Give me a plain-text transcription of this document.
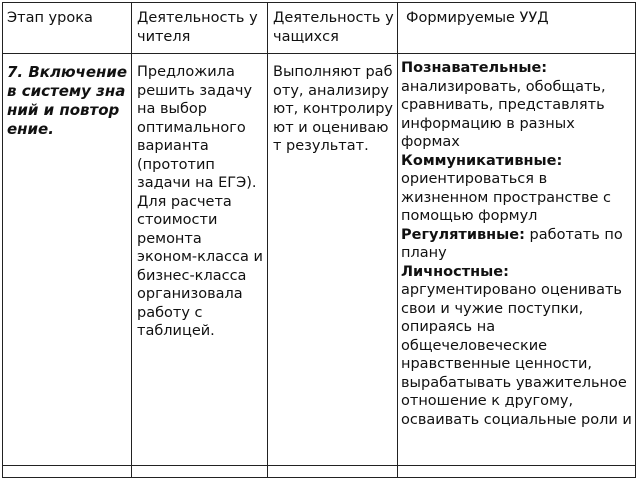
Этап урока	Деятельность учителя
Деятельность учащихся
Формируемые УУД
7. Включение в систему знаний и повторение.
Предложила решить задачу на выбор оптимального варианта (прототип задачи на ЕГЭ). Для расчета стоимости ремонта эконом-класса и бизнес-класса организовала работу с таблицей.
Выполняют работу, анализируют, контролируют и оценивают результат.
Познавательные:
анализировать, обобщать, сравнивать, представлять информацию в разных формах
Коммуникативные:
ориентироваться в жизненном пространстве с помощью формул
Регулятивные: работать по плану
Личностные:
аргументировано оценивать свои и чужие поступки, опираясь на общечеловеческие нравственные ценности, вырабатывать уважительное отношение к другому, осваивать социальные роли и
